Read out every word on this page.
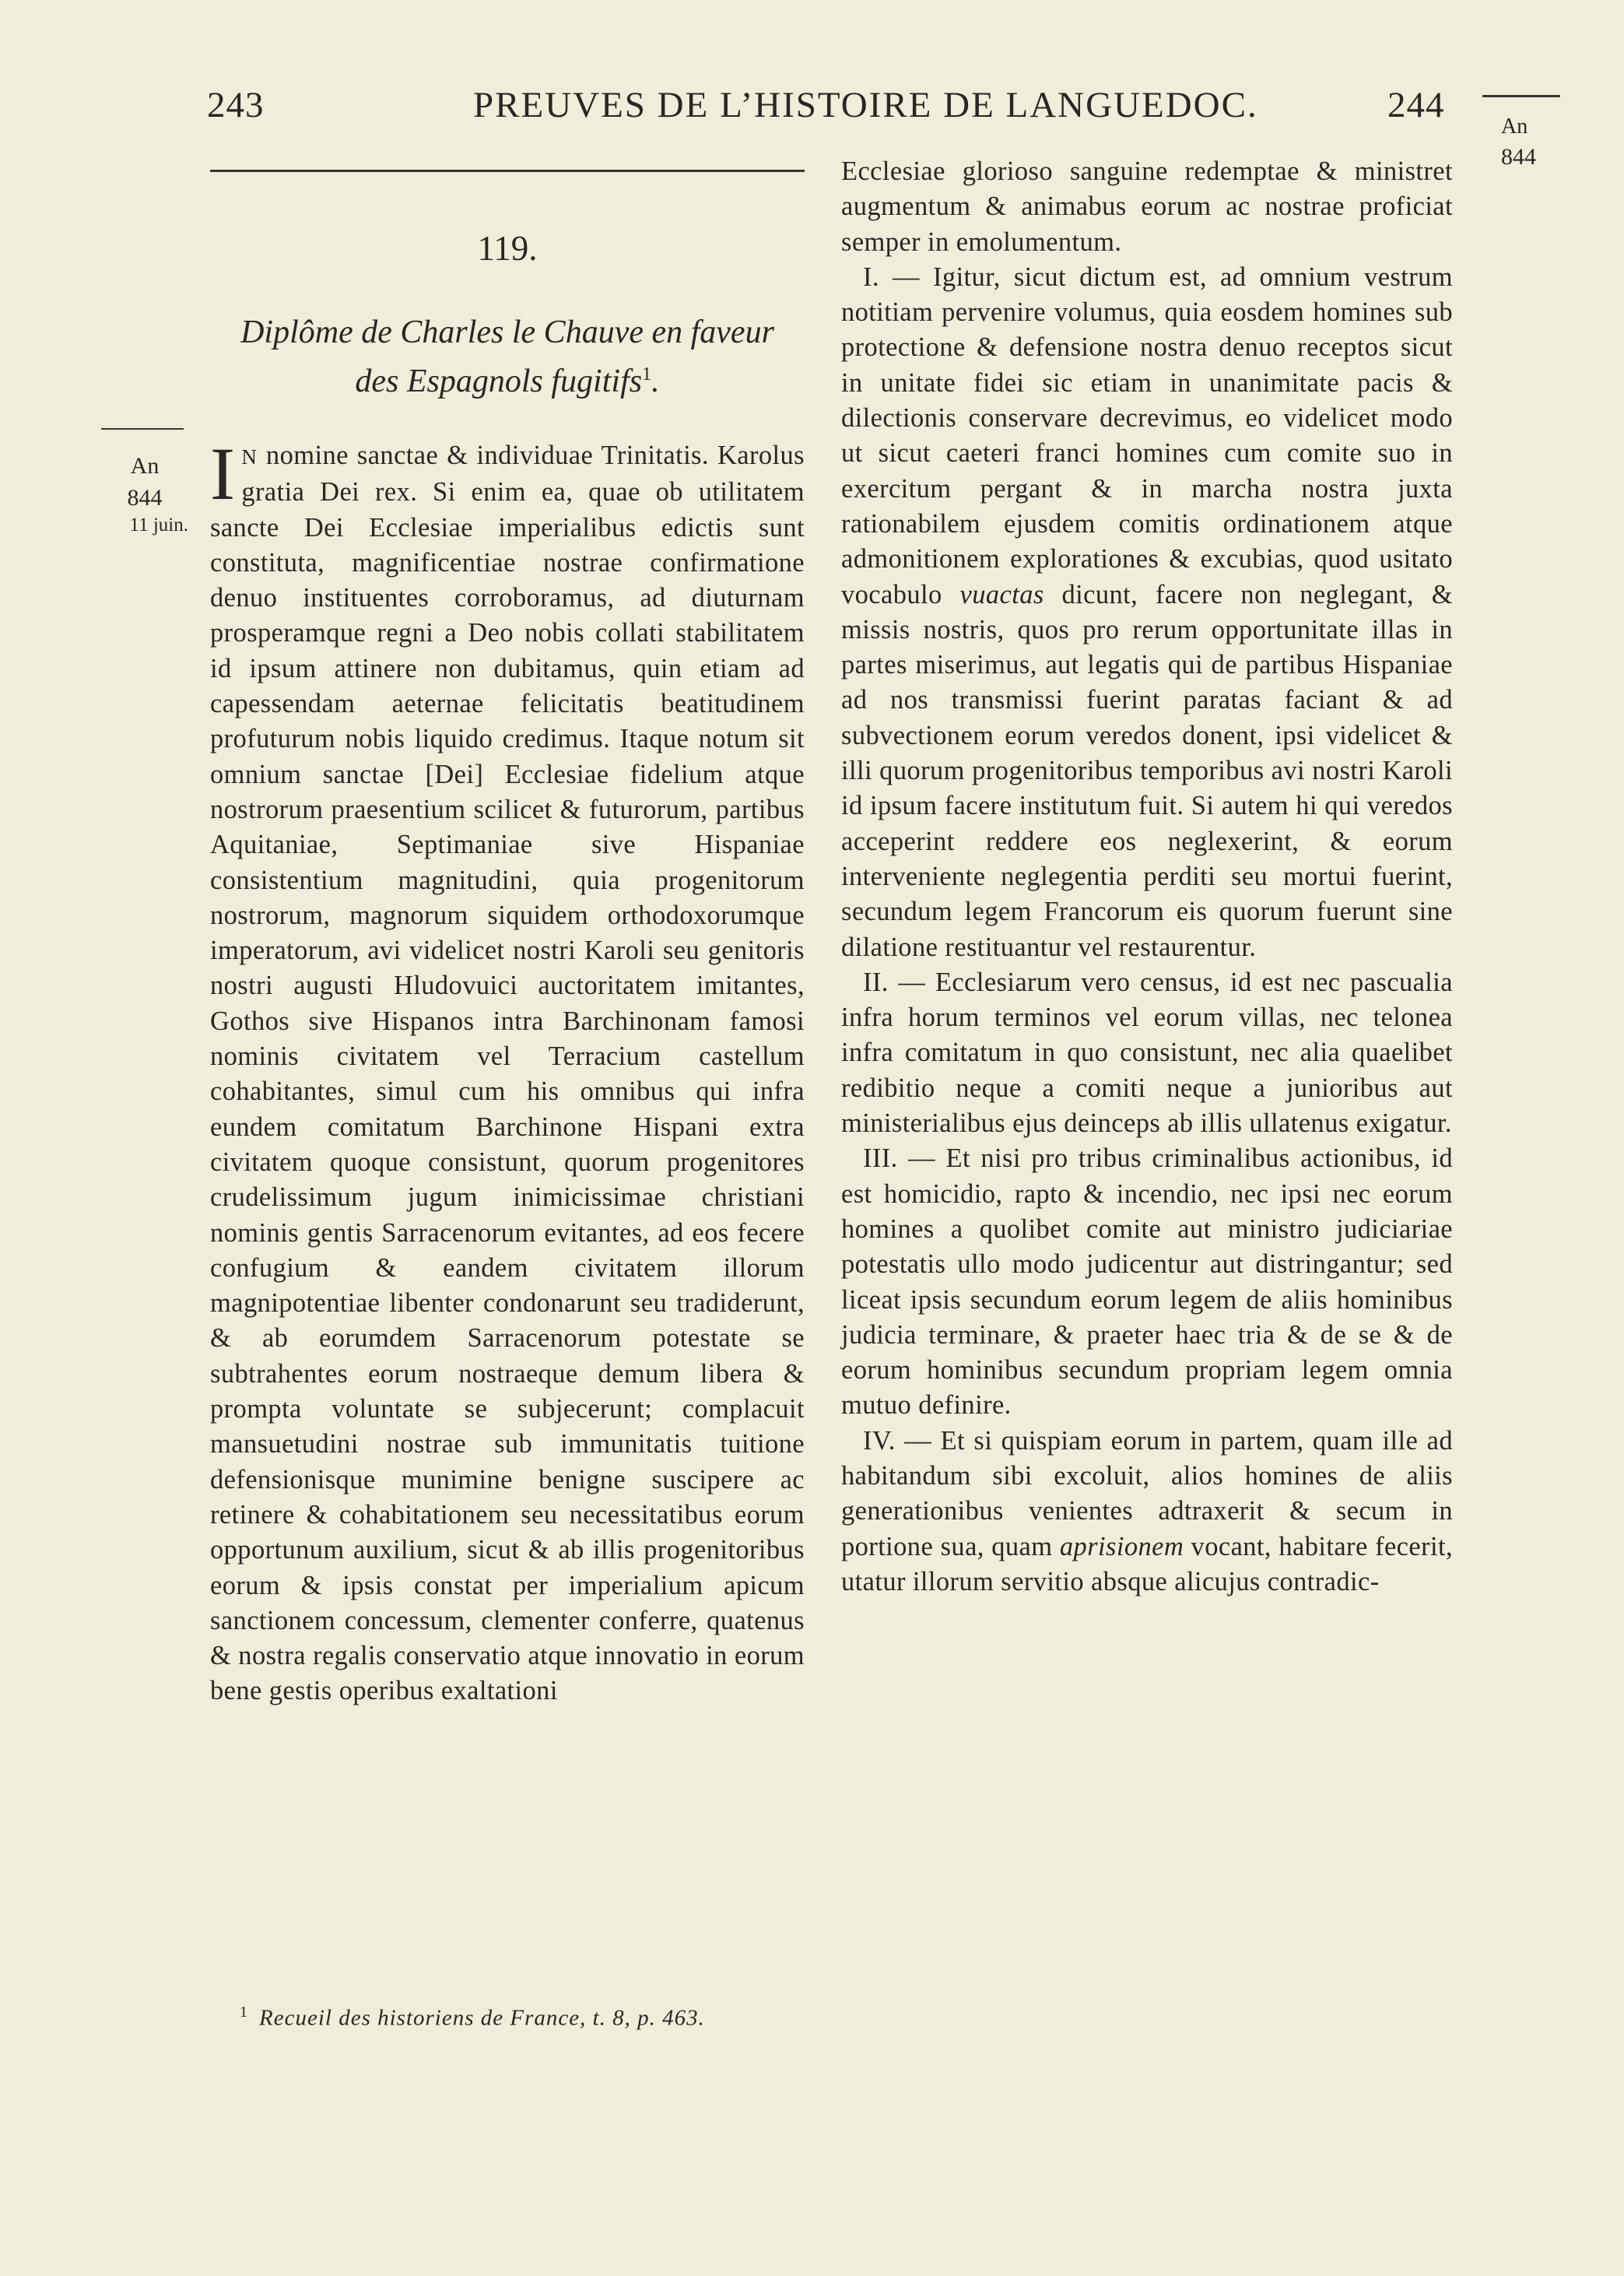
243	PREUVES DE L’HISTOIRE DE LANGUEDOC.	244
An
844
An
844
11 juin.
119.
Diplôme de Charles le Chauve en faveur des Espagnols fugitifs$^1$.

I N nomine sanctae & individuae Trinitatis. Karolus gratia Dei rex. Si enim ea, quae ob utilitatem sancte Dei Ecclesiae imperialibus edictis sunt constituta, magnificentiae nostrae confirmatione denuo instituentes corroboramus, ad diuturnam prosperamque regni a Deo nobis collati stabilitatem id ipsum attinere non dubitamus, quin etiam ad capessendam aeternae felicitatis beatitudinem profuturum nobis liquido credimus. Itaque notum sit omnium sanctae [Dei] Ecclesiae fidelium atque nostrorum praesentium scilicet & futurorum, partibus Aquitaniae, Septimaniae sive Hispaniae consistentium magnitudini, quia progenitorum nostrorum, magnorum siquidem orthodoxorumque imperatorum, avi videlicet nostri Karoli seu genitoris nostri augusti Hludovuici auctoritatem imitantes, Gothos sive Hispanos intra Barchinonam famosi nominis civitatem vel Terracium castellum cohabitantes, simul cum his omnibus qui infra eundem comitatum Barchinone Hispani extra civitatem quoque consistunt, quorum progenitores crudelissimum jugum inimicissimae christiani nominis gentis Sarracenorum evitantes, ad eos fecere confugium & eandem civitatem illorum magnipotentiae libenter condonarunt seu tradiderunt, & ab eorumdem Sarracenorum potestate se subtrahentes eorum nostraeque demum libera & prompta voluntate se subjecerunt; complacuit mansuetudini nostrae sub immunitatis tuitione defensionisque munimine benigne suscipere ac retinere & cohabitationem seu necessitatibus eorum opportunum auxilium, sicut & ab illis progenitoribus eorum & ipsis constat per imperialium apicum sanctionem concessum, clementer conferre, quatenus & nostra regalis conservatio atque innovatio in eorum bene gestis operibus exaltationi

$^1$ Recueil des historiens de France, t. 8, p. 463.

Ecclesiae glorioso sanguine redemptae & ministret augmentum & animabus eorum ac nostrae proficiat semper in emolumentum.

I. — Igitur, sicut dictum est, ad omnium vestrum notitiam pervenire volumus, quia eosdem homines sub protectione & defensione nostra denuo receptos sicut in unitate fidei sic etiam in unanimitate pacis & dilectionis conservare decrevimus, eo videlicet modo ut sicut caeteri franci homines cum comite suo in exercitum pergant & in marcha nostra juxta rationabilem ejusdem comitis ordinationem atque admonitionem explorationes & excubias, quod usitato vocabulo vuactas dicunt, facere non neglegant, & missis nostris, quos pro rerum opportunitate illas in partes miserimus, aut legatis qui de partibus Hispaniae ad nos transmissi fuerint paratas faciant & ad subvectionem eorum veredos donent, ipsi videlicet & illi quorum progenitoribus temporibus avi nostri Karoli id ipsum facere institutum fuit. Si autem hi qui veredos acceperint reddere eos neglexerint, & eorum interveniente neglegentia perditi seu mortui fuerint, secundum legem Francorum eis quorum fuerunt sine dilatione restituantur vel restaurentur.

II. — Ecclesiarum vero census, id est nec pascualia infra horum terminos vel eorum villas, nec telonea infra comitatum in quo consistunt, nec alia quaelibet redibitio neque a comiti neque a junioribus aut ministerialibus ejus deinceps ab illis ullatenus exigatur.

III. — Et nisi pro tribus criminalibus actionibus, id est homicidio, rapto & incendio, nec ipsi nec eorum homines a quolibet comite aut ministro judiciariae potestatis ullo modo judicentur aut distringantur; sed liceat ipsis secundum eorum legem de aliis hominibus judicia terminare, & praeter haec tria & de se & de eorum hominibus secundum propriam legem omnia mutuo definire.

IV. — Et si quispiam eorum in partem, quam ille ad habitandum sibi excoluit, alios homines de aliis generationibus venientes adtraxerit & secum in portione sua, quam aprisionem vocant, habitare fecerit, utatur illorum servitio absque alicujus contradic-
